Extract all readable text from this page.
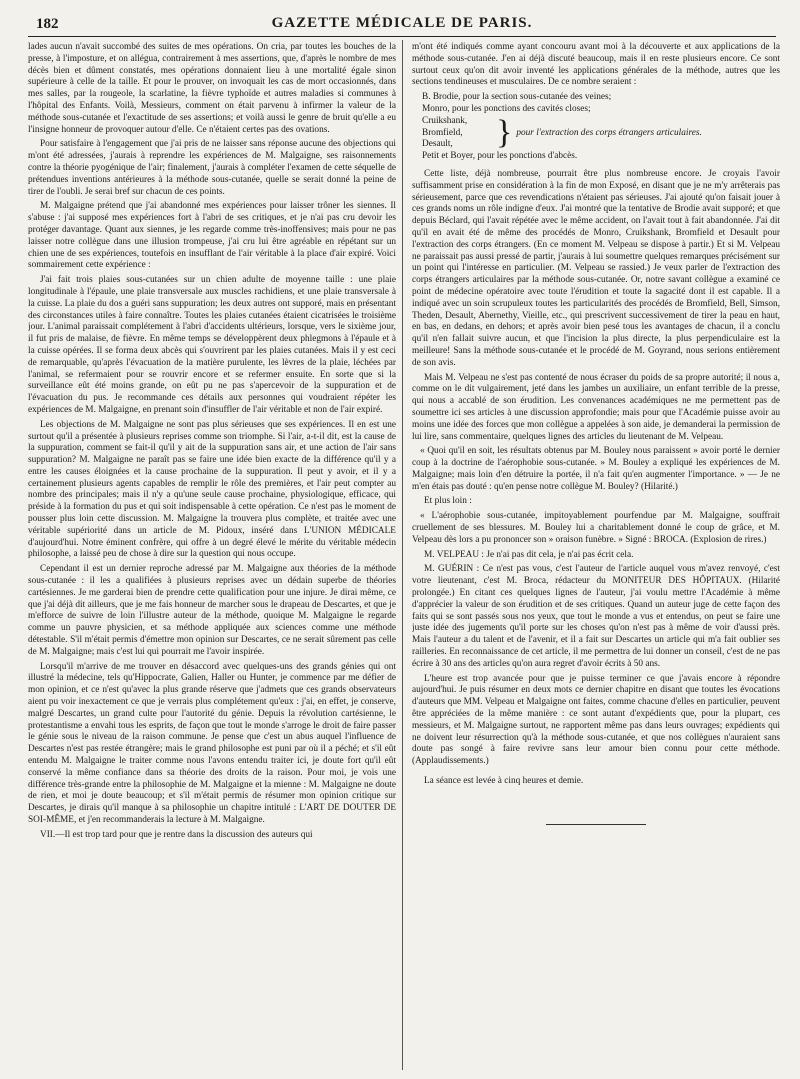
182	GAZETTE MÉDICALE DE PARIS.

lades aucun n'avait succombé des suites de mes opérations. On cria, par toutes les bouches de la presse, à l'imposture, et on allégua, contrairement à mes assertions, que, d'après le nombre de mes décès bien et dûment constatés, mes opérations donnaient lieu à une mortalité égale sinon supérieure à celle de la taille. Et pour le prouver, on invoquait les cas de mort occasionnés, dans mes salles, par la rougeole, la scarlatine, la fièvre typhoïde et autres maladies si communes à l'hôpital des Enfants. Voilà, Messieurs, comment on était parvenu à infirmer la valeur de la méthode sous-cutanée et l'exactitude de ses assertions; et voilà aussi le genre de bruit qu'elle a eu l'insigne honneur de provoquer autour d'elle. Ce n'étaient certes pas des ovations.

Pour satisfaire à l'engagement que j'ai pris de ne laisser sans réponse aucune des objections qui m'ont été adressées, j'aurais à reprendre les expériences de M. Malgaigne, ses raisonnements contre la théorie pyogénique de l'air; finalement, j'aurais à compléter l'examen de cette séquelle de prétendues inventions antérieures à la méthode sous-cutanée, quelle se serait donné la peine de tirer de l'oubli. Je serai bref sur chacun de ces points.

M. Malgaigne prétend que j'ai abandonné mes expériences pour laisser trôner les siennes. Il s'abuse : j'ai supposé mes expériences fort à l'abri de ses critiques, et je n'ai pas cru devoir les protéger davantage. Quant aux siennes, je les regarde comme très-inoffensives; mais pour ne pas laisser notre collègue dans une illusion trompeuse, j'ai cru lui être agréable en répétant sur un chien une de ses expériences, toutefois en insufflant de l'air véritable à la place d'air expiré. Voici sommairement cette expérience :

J'ai fait trois plaies sous-cutanées sur un chien adulte de moyenne taille : une plaie longitudinale à l'épaule, une plaie transversale aux muscles rachidiens, et une plaie transversale à la cuisse. La plaie du dos a guéri sans suppuration; les deux autres ont supporé, mais en présentant des circonstances utiles à faire connaître. Toutes les plaies cutanées étaient cicatrisées le troisième jour. L'animal paraissait complétement à l'abri d'accidents ultérieurs, lorsque, vers le sixième jour, il fut pris de malaise, de fièvre. En même temps se développèrent deux phlegmons à l'épaule et à la cuisse opérées. Il se forma deux abcès qui s'ouvrirent par les plaies cutanées. Mais il y est ceci de remarquable, qu'après l'évacuation de la matière purulente, les lèvres de la plaie, léchées par l'animal, se refermaient pour se rouvrir encore et se refermer ensuite. En sorte que si la surveillance eût été moins grande, on eût pu ne pas s'apercevoir de la suppuration et de l'évacuation du pus. Je recommande ces détails aux personnes qui voudraient répéter les expériences de M. Malgaigne, en prenant soin d'insuffler de l'air véritable et non de l'air expiré.

Les objections de M. Malgaigne ne sont pas plus sérieuses que ses expériences. Il en est une surtout qu'il a présentée à plusieurs reprises comme son triomphe. Si l'air, a-t-il dit, est la cause de la suppuration, comment se fait-il qu'il y ait de la suppuration sans air, et une action de l'air sans suppuration? M. Malgaigne ne paraît pas se faire une idée bien exacte de la différence qu'il y a entre les causes éloignées et la cause prochaine de la suppuration. Il peut y avoir, et il y a certainement plusieurs agents capables de remplir le rôle des premières, et l'air peut compter au nombre des principales; mais il n'y a qu'une seule cause prochaine, physiologique, efficace, qui préside à la formation du pus et qui soit indispensable à cette opération. Ce n'est pas le moment de pousser plus loin cette discussion. M. Malgaigne la trouvera plus complète, et traitée avec une véritable supériorité dans un article de M. Pidoux, inséré dans L'UNION MÉDICALE d'aujourd'hui. Notre éminent confrère, qui offre à un degré élevé le mérite du véritable médecin philosophe, a laissé peu de chose à dire sur la question qui nous occupe.

Cependant il est un dernier reproche adressé par M. Malgaigne aux théories de la méthode sous-cutanée : il les a qualifiées à plusieurs reprises avec un dédain superbe de théories cartésiennes. Je me garderai bien de prendre cette qualification pour une injure. Je dirai même, ce que j'ai déjà dit ailleurs, que je me fais honneur de marcher sous le drapeau de Descartes, et que je m'efforce de suivre de loin l'illustre auteur de la méthode, quoique M. Malgaigne le regarde comme un pauvre physicien, et sa méthode appliquée aux sciences comme une méthode détestable. S'il m'était permis d'émettre mon opinion sur Descartes, ce ne serait sûrement pas celle de M. Malgaigne; mais c'est lui qui pourrait me l'avoir inspirée.

Lorsqu'il m'arrive de me trouver en désaccord avec quelques-uns des grands génies qui ont illustré la médecine, tels qu'Hippocrate, Galien, Haller ou Hunter, je commence par me défier de mon opinion, et ce n'est qu'avec la plus grande réserve que j'admets que ces grands observateurs aient pu voir inexactement ce que je verrais plus complétement qu'eux : j'ai, en effet, je conserve, malgré Descartes, un grand culte pour l'autorité du génie. Depuis la révolution cartésienne, le protestantisme a envahi tous les esprits, de façon que tout le monde s'arroge le droit de faire passer le génie sous le niveau de la raison commune. Je pense que c'est un abus auquel l'influence de Descartes n'est pas restée étrangère; mais le grand philosophe est puni par où il a péché; et s'il eût entendu M. Malgaigne le traiter comme nous l'avons entendu traiter ici, je doute fort qu'il eût conservé la même confiance dans sa théorie des droits de la raison. Pour moi, je vois une différence très-grande entre la philosophie de M. Malgaigne et la mienne : M. Malgaigne ne doute de rien, et moi je doute beaucoup; et s'il m'était permis de résumer mon opinion critique sur Descartes, je dirais qu'il manque à sa philosophie un chapitre intitulé : L'ART DE DOUTER DE SOI-MÊME, et j'en recommanderais la lecture à M. Malgaigne.

VII.—Il est trop tard pour que je rentre dans la discussion des auteurs qui

m'ont été indiqués comme ayant concouru avant moi à la découverte et aux applications de la méthode sous-cutanée. J'en ai déjà discuté beaucoup, mais il en reste plusieurs encore. Ce sont surtout ceux qu'on dit avoir inventé les applications générales de la méthode, autres que les sections tendineuses et musculaires. De ce nombre seraient :

B. Brodie, pour la section sous-cutanée des veines;
Monro, pour les ponctions des cavités closes;
Cruikshank,
Bromfield,
Desault,	} pour l'extraction des corps étrangers articulaires.
Petit et Boyer, pour les ponctions d'abcès.

Cette liste, déjà nombreuse, pourrait être plus nombreuse encore. Je croyais l'avoir suffisamment prise en considération à la fin de mon Exposé, en disant que je ne m'y arrêterais pas sérieusement, parce que ces revendications n'étaient pas sérieuses. J'ai ajouté qu'on faisait jouer à ces grands noms un rôle indigne d'eux. J'ai montré que la tentative de Brodie avait supporé; et que depuis Béclard, qui l'avait répétée avec le même accident, on l'avait tout à fait abandonnée. J'ai dit qu'il en avait été de même des procédés de Monro, Cruikshank, Bromfield et Desault pour l'extraction des corps étrangers. (En ce moment M. Velpeau se dispose à partir.) Et si M. Velpeau ne paraissait pas aussi pressé de partir, j'aurais à lui soumettre quelques remarques précisément sur un point qui l'intéresse en particulier. (M. Velpeau se rassied.) Je veux parler de l'extraction des corps étrangers articulaires par la méthode sous-cutanée. Or, notre savant collègue a examiné ce point de médecine opératoire avec toute l'érudition et toute la sagacité dont il est capable. Il a indiqué avec un soin scrupuleux toutes les particularités des procédés de Bromfield, Bell, Simson, Theden, Desault, Abernethy, Vieille, etc., qui prescrivent successivement de tirer la peau en haut, en bas, en dedans, en dehors; et après avoir bien pesé tous les avantages de chacun, il a conclu qu'il n'en fallait suivre aucun, et que l'incision la plus directe, la plus perpendiculaire est la meilleure! Sans la méthode sous-cutanée et le procédé de M. Goyrand, nous serions entièrement de son avis.

Mais M. Velpeau ne s'est pas contenté de nous écraser du poids de sa propre autorité; il nous a, comme on le dit vulgairement, jeté dans les jambes un auxiliaire, un enfant terrible de la presse, qui nous a accablé de son érudition. Les convenances académiques ne me permettent pas de soumettre ici ses articles à une discussion approfondie; mais pour que l'Académie puisse avoir au moins une idée des forces que mon collègue a appelées à son aide, je demanderai la permission de lui lire, sans commentaire, quelques lignes des articles du lieutenant de M. Velpeau.

« Quoi qu'il en soit, les résultats obtenus par M. Bouley nous paraissent » avoir porté le dernier coup à la doctrine de l'aérophobie sous-cutanée. » M. Bouley a expliqué les expériences de M. Malgaigne; mais loin d'en détruire la portée, il n'a fait qu'en augmenter l'importance. » — Je ne m'en étais pas douté : qu'en pense notre collègue M. Bouley? (Hilarité.)

Et plus loin :

« L'aérophobie sous-cutanée, impitoyablement pourfendue par M. Malgaigne, souffrait cruellement de ses blessures. M. Bouley lui a charitablement donné le coup de grâce, et M. Velpeau dès lors a pu prononcer son » oraison funèbre. » Signé : BROCA. (Explosion de rires.)

M. VELPEAU : Je n'ai pas dit cela, je n'ai pas écrit cela.

M. GUÉRIN : Ce n'est pas vous, c'est l'auteur de l'article auquel vous m'avez renvoyé, c'est votre lieutenant, c'est M. Broca, rédacteur du MONITEUR DES HÔPITAUX. (Hilarité prolongée.) En citant ces quelques lignes de l'auteur, j'ai voulu mettre l'Académie à même d'apprécier la valeur de son érudition et de ses critiques. Quand un auteur juge de cette façon des faits qui se sont passés sous nos yeux, que tout le monde a vus et entendus, on peut se faire une juste idée des jugements qu'il porte sur les choses qu'on n'est pas à même de voir d'aussi près. Mais l'auteur a du talent et de l'avenir, et il a fait sur Descartes un article qui m'a fait oublier ses railleries. En reconnaissance de cet article, il me permettra de lui donner un conseil, c'est de ne pas écrire à 30 ans des articles qu'on aura regret d'avoir écrits à 50 ans.

L'heure est trop avancée pour que je puisse terminer ce que j'avais encore à répondre aujourd'hui. Je puis résumer en deux mots ce dernier chapitre en disant que toutes les évocations d'auteurs que MM. Velpeau et Malgaigne ont faites, comme chacune d'elles en particulier, peuvent être appréciées de la même manière : ce sont autant d'expédients que, pour la plupart, ces messieurs, et M. Malgaigne surtout, ne rapportent même pas dans leurs ouvrages; expédients qui ne doivent leur résurrection qu'à la méthode sous-cutanée, et que nos collègues n'auraient sans doute pas songé à faire revivre sans leur amour bien connu pour cette méthode. (Applaudissements.)

La séance est levée à cinq heures et demie.
